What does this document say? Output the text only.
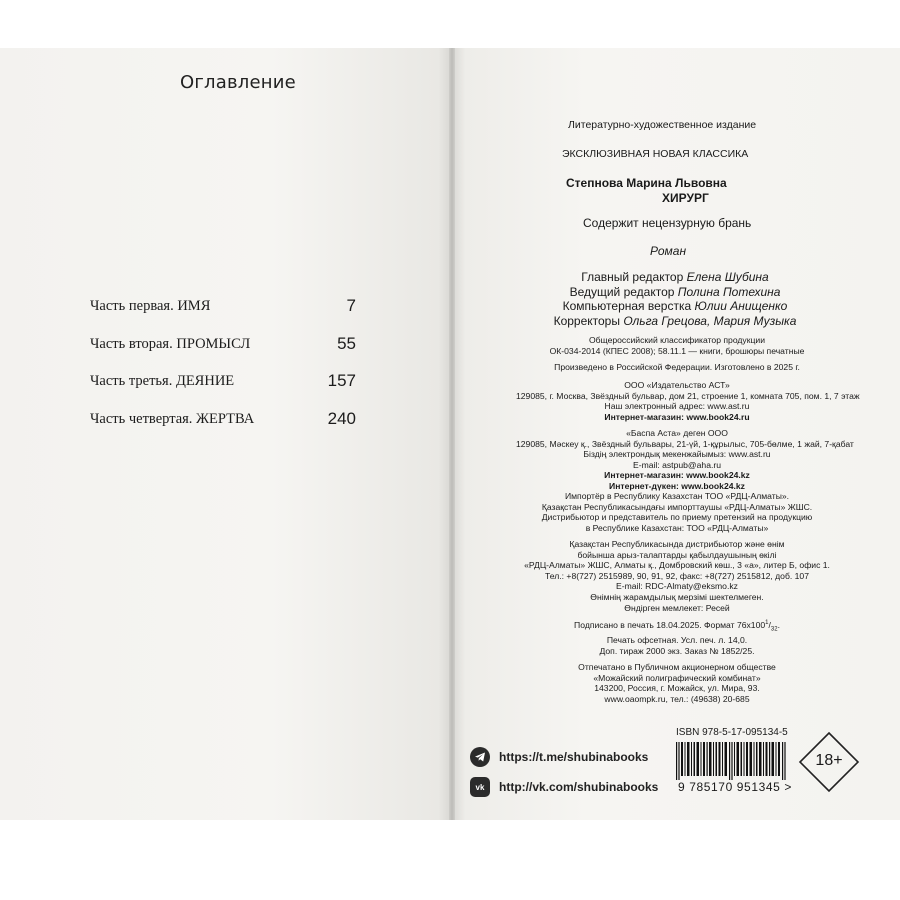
Оглавление
Часть первая. ИМЯ	7
Часть вторая. ПРОМЫСЛ	55
Часть третья. ДЕЯНИЕ	157
Часть четвертая. ЖЕРТВА	240
Литературно-художественное издание
ЭКСКЛЮЗИВНАЯ НОВАЯ КЛАССИКА
Степнова Марина Львовна
ХИРУРГ
Содержит нецензурную брань
Роман
Главный редактор Елена Шубина
Ведущий редактор Полина Потехина
Компьютерная верстка Юлии Анищенко
Корректоры Ольга Грецова, Мария Музыка
Общероссийский классификатор продукции
ОК-034-2014 (КПЕС 2008); 58.11.1 — книги, брошюры печатные
Произведено в Российской Федерации. Изготовлено в 2025 г.
ООО «Издательство АСТ»
129085, г. Москва, Звёздный бульвар, дом 21, строение 1, комната 705, пом. 1, 7 этаж
Наш электронный адрес: www.ast.ru
Интернет-магазин: www.book24.ru
«Баспа Аста» деген ООО
129085, Мәскеу қ., Звёздный бульвары, 21-үй, 1-құрылыс, 705-бөлме, 1 жай, 7-қабат
Біздің электрондық мекенжайымыз: www.ast.ru
E-mail: astpub@aha.ru
Интернет-магазин: www.book24.kz
Интернет-дүкен: www.book24.kz
Импортёр в Республику Казахстан ТОО «РДЦ-Алматы».
Қазақстан Республикасындағы импорттаушы «РДЦ-Алматы» ЖШС.
Дистрибьютор и представитель по приему претензий на продукцию
в Республике Казахстан: ТОО «РДЦ-Алматы»
Қазақстан Республикасында дистрибьютор және өнім
бойынша арыз-талаптарды қабылдаушының өкілі
«РДЦ-Алматы» ЖШС, Алматы қ., Домбровский көш., 3 «а», литер Б, офис 1.
Тел.: +8(727) 2515989, 90, 91, 92, факс: +8(727) 2515812, доб. 107
E-mail: RDC-Almaty@eksmo.kz
Өнімнің жарамдылық мерзімі шектелмеген.
Өндірген мемлекет: Ресей
Подписано в печать 18.04.2025. Формат $76x100^1/_{32}$.
Печать офсетная. Усл. печ. л. 14,0.
Доп. тираж 2000 экз. Заказ № 1852/25.
Отпечатано в Публичном акционерном обществе
«Можайский полиграфический комбинат»
143200, Россия, г. Можайск, ул. Мира, 93.
www.oaompk.ru, тел.: (49638) 20-685
https://t.me/shubinabooks
vk http://vk.com/shubinabooks
ISBN 978-5-17-095134-5
9 785170 951345 >
18+
